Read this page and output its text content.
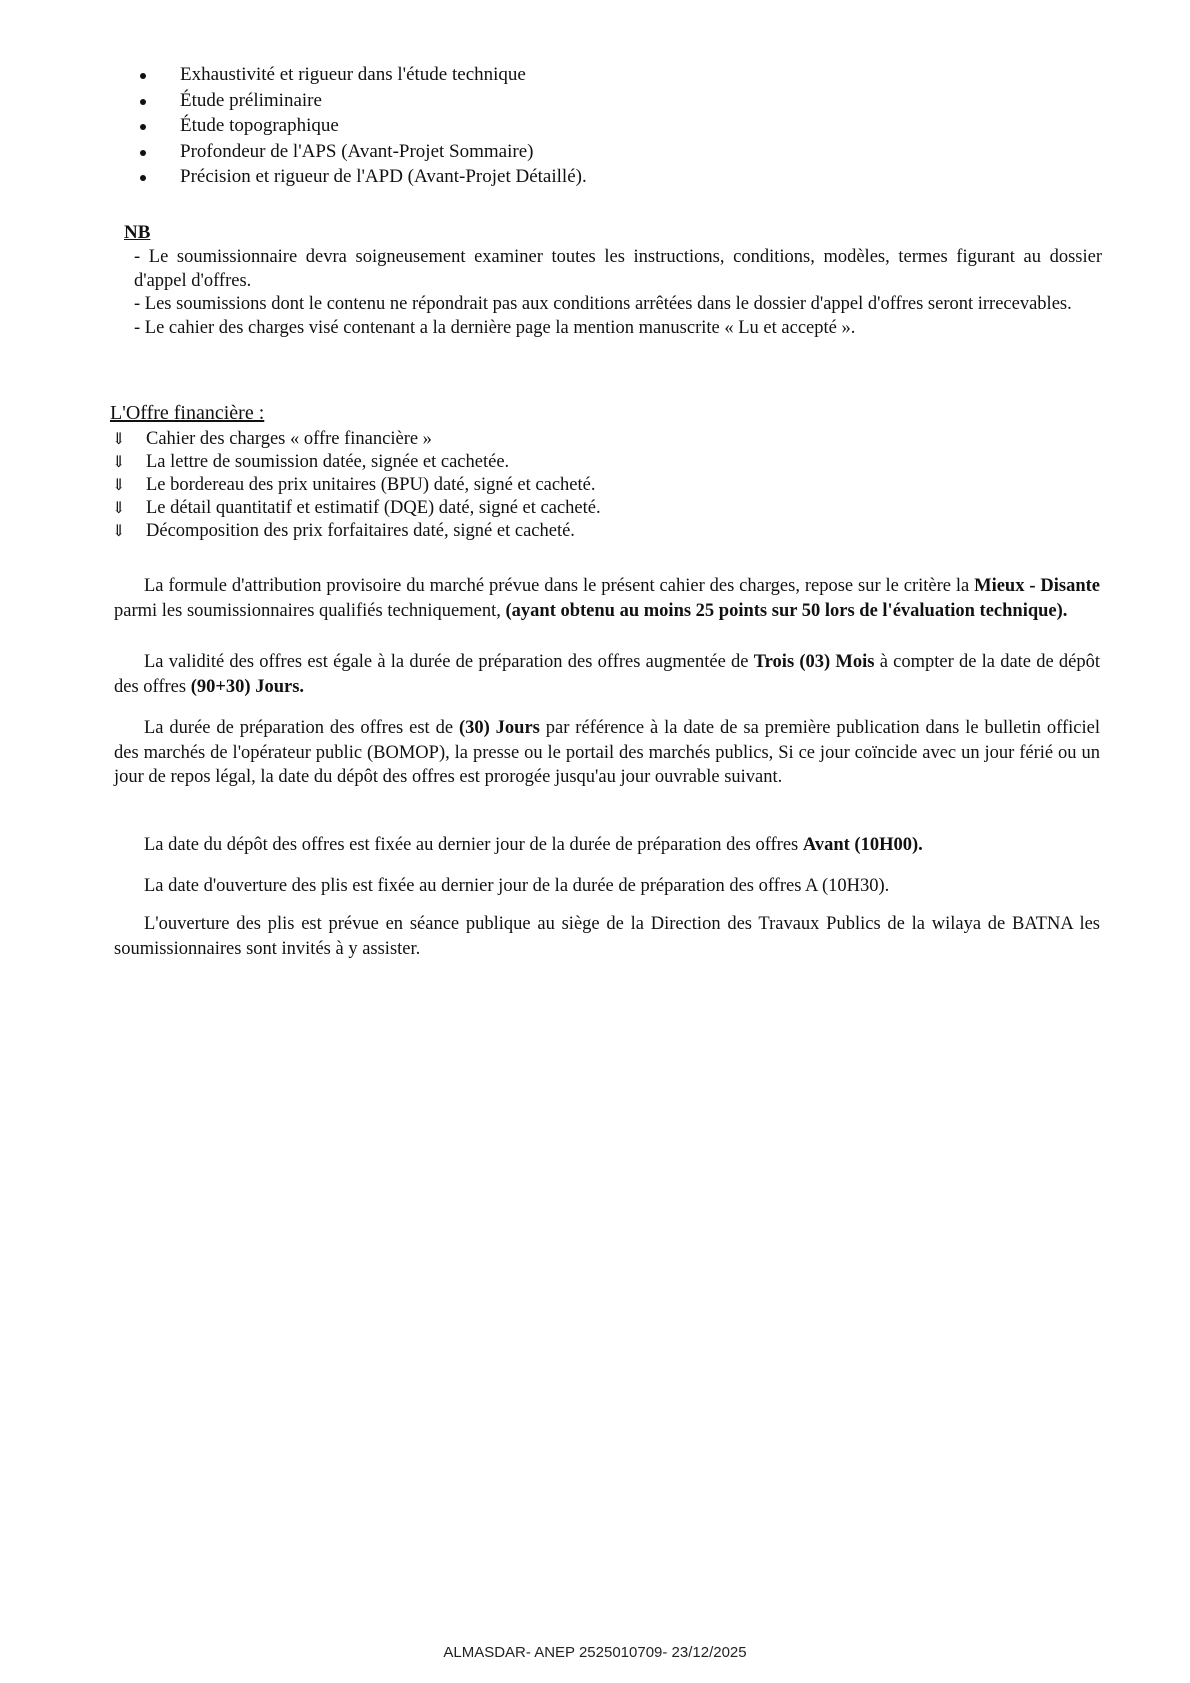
Exhaustivité et rigueur dans l'étude technique
Étude préliminaire
Étude topographique
Profondeur de l'APS (Avant-Projet Sommaire)
Précision et rigueur de l'APD (Avant-Projet Détaillé).
NB

- Le soumissionnaire devra soigneusement examiner toutes les instructions, conditions, modèles, termes figurant au dossier d'appel d'offres.

- Les soumissions dont le contenu ne répondrait pas aux conditions arrêtées dans le dossier d'appel d'offres seront irrecevables.

- Le cahier des charges visé contenant a la dernière page la mention manuscrite « Lu et accepté ».

L'Offre financière :
⇓ Cahier des charges « offre financière »
⇓ La lettre de soumission datée, signée et cachetée.
⇓ Le bordereau des prix unitaires (BPU) daté, signé et cacheté.
⇓ Le détail quantitatif et estimatif (DQE) daté, signé et cacheté.
⇓ Décomposition des prix forfaitaires daté, signé et cacheté.

La formule d'attribution provisoire du marché prévue dans le présent cahier des charges, repose sur le critère la Mieux - Disante parmi les soumissionnaires qualifiés techniquement, (ayant obtenu au moins 25 points sur 50 lors de l'évaluation technique).

La validité des offres est égale à la durée de préparation des offres augmentée de Trois (03) Mois à compter de la date de dépôt des offres (90+30) Jours.

La durée de préparation des offres est de (30) Jours par référence à la date de sa première publication dans le bulletin officiel des marchés de l'opérateur public (BOMOP), la presse ou le portail des marchés publics, Si ce jour coïncide avec un jour férié ou un jour de repos légal, la date du dépôt des offres est prorogée jusqu'au jour ouvrable suivant.

La date du dépôt des offres est fixée au dernier jour de la durée de préparation des offres Avant (10H00).

La date d'ouverture des plis est fixée au dernier jour de la durée de préparation des offres A (10H30).

L'ouverture des plis est prévue en séance publique au siège de la Direction des Travaux Publics de la wilaya de BATNA les soumissionnaires sont invités à y assister.

ALMASDAR- ANEP 2525010709- 23/12/2025
